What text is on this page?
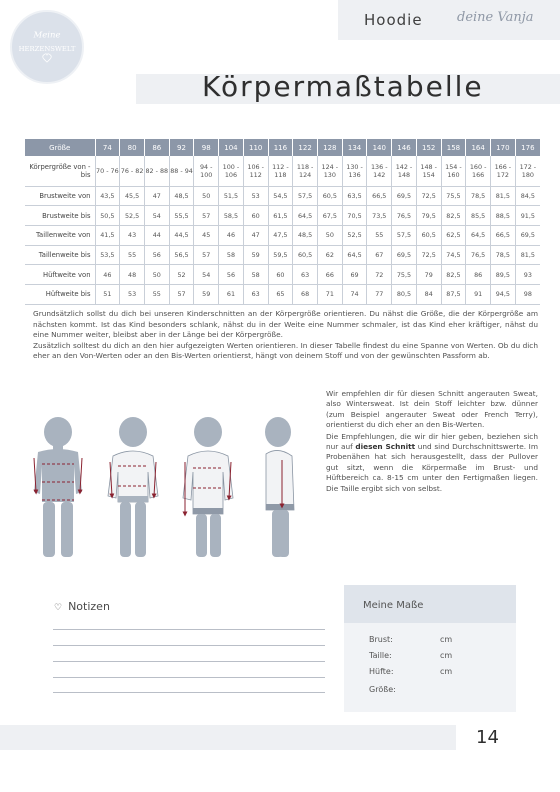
Hoodie	deine Vanja
Meine
HERZENSWELT
Körpermaßtabelle
Größe	74	80	86	92	98	104	110	116	122	128	134	140	146	152	158	164	170	176
Körpergröße von - bis	70 - 76	76 - 82	82 - 88	88 - 94	94 - 100	100 - 106	106 - 112	112 - 118	118 - 124	124 - 130	130 - 136	136 - 142	142 - 148	148 - 154	154 - 160	160 - 166	166 - 172	172 - 180
Brustweite von	43,5	45,5	47	48,5	50	51,5	53	54,5	57,5	60,5	63,5	66,5	69,5	72,5	75,5	78,5	81,5	84,5
Brustweite bis	50,5	52,5	54	55,5	57	58,5	60	61,5	64,5	67,5	70,5	73,5	76,5	79,5	82,5	85,5	88,5	91,5
Taillenweite von	41,5	43	44	44,5	45	46	47	47,5	48,5	50	52,5	55	57,5	60,5	62,5	64,5	66,5	69,5
Taillenweite bis	53,5	55	56	56,5	57	58	59	59,5	60,5	62	64,5	67	69,5	72,5	74,5	76,5	78,5	81,5
Hüftweite von	46	48	50	52	54	56	58	60	63	66	69	72	75,5	79	82,5	86	89,5	93
Hüftweite bis	51	53	55	57	59	61	63	65	68	71	74	77	80,5	84	87,5	91	94,5	98

Grundsätzlich sollst du dich bei unseren Kinderschnitten an der Körpergröße orientieren. Du nähst die Größe, die der Körpergröße am nächsten kommt. Ist das Kind besonders schlank, nähst du in der Weite eine Nummer schmaler, ist das Kind eher kräftiger, nähst du eine Nummer weiter, bleibst aber in der Länge bei der Körpergröße.

Zusätzlich solltest du dich an den hier aufgezeigten Werten orientieren. In dieser Tabelle findest du eine Spanne von Werten. Ob du dich eher an den Von-Werten oder an den Bis-Werten orientierst, hängt von deinem Stoff und von der gewünschten Passform ab.

Wir empfehlen dir für diesen Schnitt angerauten Sweat, also Wintersweat. Ist dein Stoff leichter bzw. dünner (zum Beispiel angerauter Sweat oder French Terry), orientierst du dich eher an den Bis-Werten.

Die Empfehlungen, die wir dir hier geben, beziehen sich nur auf diesen Schnitt und sind Durchschnittswerte. Im Probenähen hat sich herausgestellt, dass der Pullover gut sitzt, wenn die Körpermaße im Brust- und Hüftbereich ca. 8-15 cm unter den Fertigmaßen liegen. Die Taille ergibt sich von selbst.

♡ Notizen	Meine Maße
Brust:	cm
Taille:	cm
Hüfte:	cm
Größe:
14
